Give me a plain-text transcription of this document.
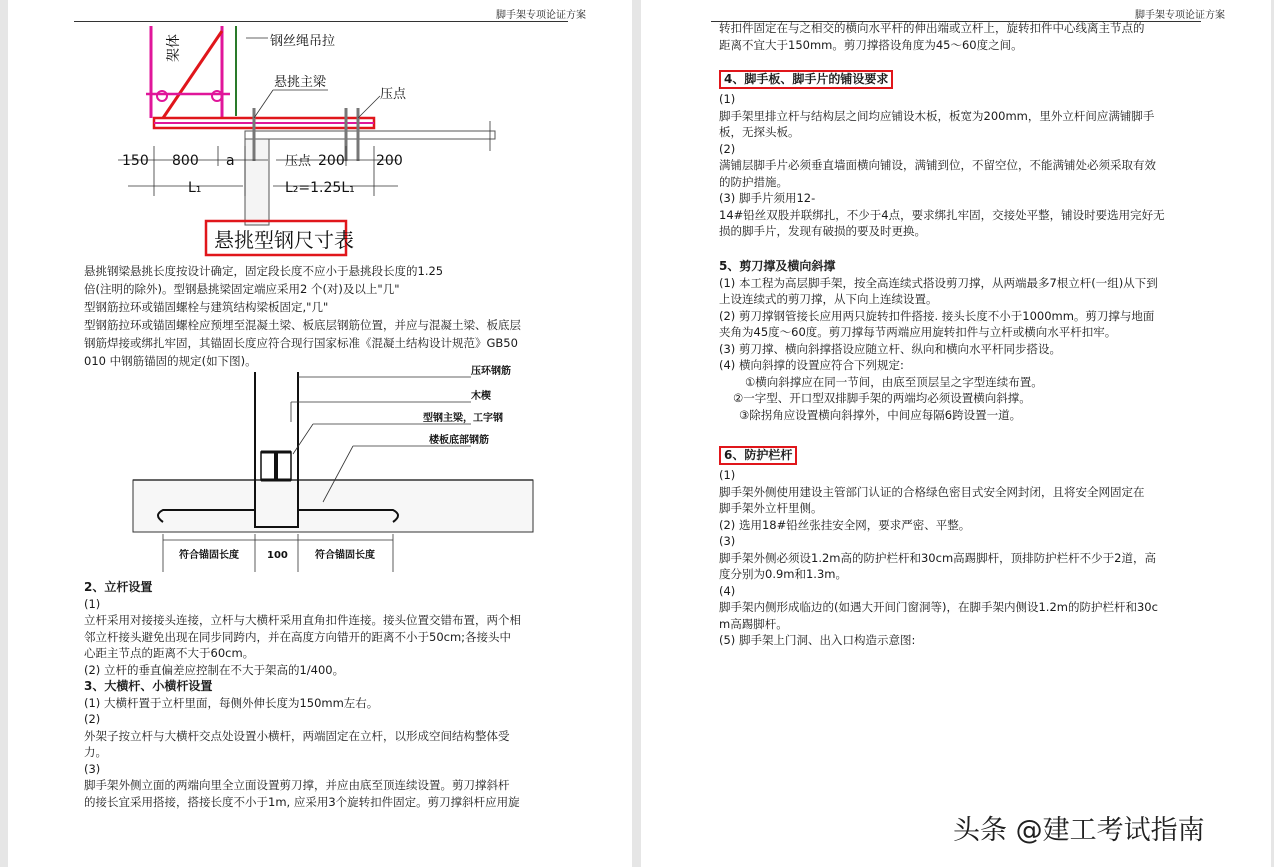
脚手架专项论证方案
架体	钢丝绳吊拉
悬挑主梁
压点
压点
150 800 a	200 200
L₁	L₂=1.25L₁
悬挑型钢尺寸表
悬挑钢梁悬挑长度按设计确定，固定段长度不应小于悬挑段长度的1.25
倍(注明的除外)。型钢悬挑梁固定端应采用2 个(对)及以上"几"
型钢筋拉环或锚固螺栓与建筑结构梁板固定,"几"
型钢筋拉环或锚固螺栓应预埋至混凝土梁、板底层钢筋位置，并应与混凝土梁、板底层
钢筋焊接或绑扎牢固，其锚固长度应符合现行国家标准《混凝土结构设计规范》GB50
010 中钢筋锚固的规定(如下图)。
压环钢筋
木楔
型钢主梁，工字钢
楼板底部钢筋
符合锚固长度	100	符合锚固长度
2、立杆设置
(1)
立杆采用对接接头连接，立杆与大横杆采用直角扣件连接。接头位置交错布置，两个相
邻立杆接头避免出现在同步同跨内，并在高度方向错开的距离不小于50cm;各接头中
心距主节点的距离不大于60cm。
(2) 立杆的垂直偏差应控制在不大于架高的1/400。
3、大横杆、小横杆设置
(1) 大横杆置于立杆里面，每侧外伸长度为150mm左右。
(2)
外架子按立杆与大横杆交点处设置小横杆，两端固定在立杆，以形成空间结构整体受
力。
(3)
脚手架外侧立面的两端向里全立面设置剪刀撑，并应由底至顶连续设置。剪刀撑斜杆
的接长宜采用搭接，搭接长度不小于1m, 应采用3个旋转扣件固定。剪刀撑斜杆应用旋
脚手架专项论证方案
转扣件固定在与之相交的横向水平杆的伸出端或立杆上，旋转扣件中心线离主节点的
距离不宜大于150mm。剪刀撑搭设角度为45～60度之间。
4、脚手板、脚手片的铺设要求
(1)
脚手架里排立杆与结构层之间均应铺设木板，板宽为200mm，里外立杆间应满铺脚手
板，无探头板。
(2)
满铺层脚手片必须垂直墙面横向铺设，满铺到位，不留空位，不能满铺处必须采取有效
的防护措施。
(3) 脚手片须用12-
14#铅丝双股并联绑扎，不少于4点，要求绑扎牢固，交接处平整，铺设时要选用完好无
损的脚手片，发现有破损的要及时更换。
5、剪刀撑及横向斜撑
(1) 本工程为高层脚手架，按全高连续式搭设剪刀撑，从两端最多7根立杆(一组)从下到
上设连续式的剪刀撑，从下向上连续设置。
(2) 剪刀撑钢管接长应用两只旋转扣件搭接. 接头长度不小于1000mm。剪刀撑与地面
夹角为45度～60度。剪刀撑每节两端应用旋转扣件与立杆或横向水平杆扣牢。
(3) 剪刀撑、横向斜撑搭设应随立杆、纵向和横向水平杆同步搭设。
(4) 横向斜撑的设置应符合下列规定:
①横向斜撑应在同一节间，由底至顶层呈之字型连续布置。
②一字型、开口型双排脚手架的两端均必须设置横向斜撑。
③除拐角应设置横向斜撑外，中间应每隔6跨设置一道。
6、防护栏杆
(1)
脚手架外侧使用建设主管部门认证的合格绿色密目式安全网封闭，且将安全网固定在
脚手架外立杆里侧。
(2) 选用18#铅丝张挂安全网，要求严密、平整。
(3)
脚手架外侧必须设1.2m高的防护栏杆和30cm高踢脚杆，顶排防护栏杆不少于2道，高
度分别为0.9m和1.3m。
(4)
脚手架内侧形成临边的(如遇大开间门窗洞等)，在脚手架内侧设1.2m的防护栏杆和30c
m高踢脚杆。
(5) 脚手架上门洞、出入口构造示意图:
头条 @建工考试指南
